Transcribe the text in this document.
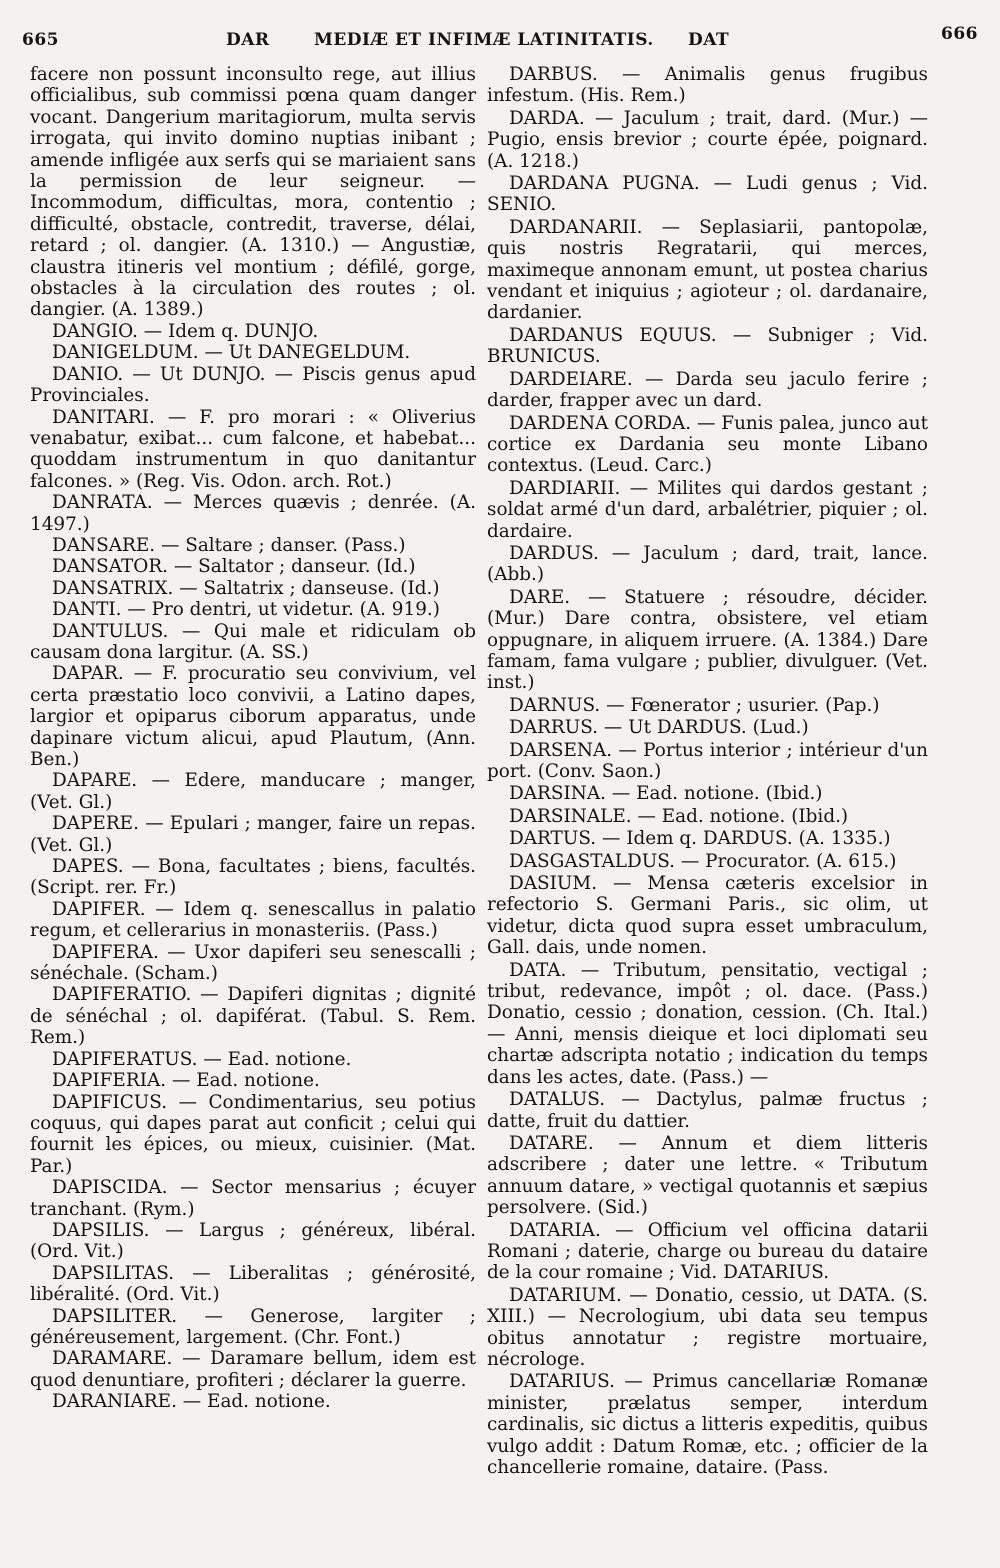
665	DAR	MEDIÆ ET INFIMÆ LATINITATIS. DAT	666

facere non possunt inconsulto rege, aut illius officialibus, sub commissi pœna quam danger vocant. Dangerium maritagiorum, multa servis irrogata, qui invito domino nuptias inibant ; amende infligée aux serfs qui se mariaient sans la permission de leur seigneur. — Incommodum, difficultas, mora, contentio ; difficulté, obstacle, contredit, traverse, délai, retard ; ol. dangier. (A. 1310.) — Angustiæ, claustra itineris vel montium ; défilé, gorge, obstacles à la circulation des routes ; ol. dangier. (A. 1389.)

DANGIO. — Idem q. DUNJO.

DANIGELDUM. — Ut DANEGELDUM.

DANIO. — Ut DUNJO. — Piscis genus apud Provinciales.

DANITARI. — F. pro morari : « Oliverius venabatur, exibat... cum falcone, et habebat... quoddam instrumentum in quo danitantur falcones. » (Reg. Vis. Odon. arch. Rot.)

DANRATA. — Merces quævis ; denrée. (A. 1497.)

DANSARE. — Saltare ; danser. (Pass.)

DANSATOR. — Saltator ; danseur. (Id.)

DANSATRIX. — Saltatrix ; danseuse. (Id.)

DANTI. — Pro dentri, ut videtur. (A. 919.)

DANTULUS. — Qui male et ridiculam ob causam dona largitur. (A. SS.)

DAPAR. — F. procuratio seu convivium, vel certa præstatio loco convivii, a Latino dapes, largior et opiparus ciborum apparatus, unde dapinare victum alicui, apud Plautum, (Ann. Ben.)

DAPARE. — Edere, manducare ; manger, (Vet. Gl.)

DAPERE. — Epulari ; manger, faire un repas. (Vet. Gl.)

DAPES. — Bona, facultates ; biens, facultés. (Script. rer. Fr.)

DAPIFER. — Idem q. senescallus in palatio regum, et cellerarius in monasteriis. (Pass.)

DAPIFERA. — Uxor dapiferi seu senescalli ; sénéchale. (Scham.)

DAPIFERATIO. — Dapiferi dignitas ; dignité de sénéchal ; ol. dapiférat. (Tabul. S. Rem. Rem.)

DAPIFERATUS. — Ead. notione.

DAPIFERIA. — Ead. notione.

DAPIFICUS. — Condimentarius, seu potius coquus, qui dapes parat aut conficit ; celui qui fournit les épices, ou mieux, cuisinier. (Mat. Par.)

DAPISCIDA. — Sector mensarius ; écuyer tranchant. (Rym.)

DAPSILIS. — Largus ; généreux, libéral. (Ord. Vit.)

DAPSILITAS. — Liberalitas ; générosité, libéralité. (Ord. Vit.)

DAPSILITER. — Generose, largiter ; généreusement, largement. (Chr. Font.)

DARAMARE. — Daramare bellum, idem est quod denuntiare, profiteri ; déclarer la guerre.

DARANIARE. — Ead. notione.

DARBUS. — Animalis genus frugibus infestum. (His. Rem.)

DARDA. — Jaculum ; trait, dard. (Mur.) — Pugio, ensis brevior ; courte épée, poignard. (A. 1218.)

DARDANA PUGNA. — Ludi genus ; Vid. SENIO.

DARDANARII. — Seplasiarii, pantopolæ, quis nostris Regratarii, qui merces, maximeque annonam emunt, ut postea charius vendant et iniquius ; agioteur ; ol. dardanaire, dardanier.

DARDANUS EQUUS. — Subniger ; Vid. BRUNICUS.

DARDEIARE. — Darda seu jaculo ferire ; darder, frapper avec un dard.

DARDENA CORDA. — Funis palea, junco aut cortice ex Dardania seu monte Libano contextus. (Leud. Carc.)

DARDIARII. — Milites qui dardos gestant ; soldat armé d'un dard, arbalétrier, piquier ; ol. dardaire.

DARDUS. — Jaculum ; dard, trait, lance. (Abb.)

DARE. — Statuere ; résoudre, décider. (Mur.) Dare contra, obsistere, vel etiam oppugnare, in aliquem irruere. (A. 1384.) Dare famam, fama vulgare ; publier, divulguer. (Vet. inst.)

DARNUS. — Fœnerator ; usurier. (Pap.)

DARRUS. — Ut DARDUS. (Lud.)

DARSENA. — Portus interior ; intérieur d'un port. (Conv. Saon.)

DARSINA. — Ead. notione. (Ibid.)

DARSINALE. — Ead. notione. (Ibid.)

DARTUS. — Idem q. DARDUS. (A. 1335.)

DASGASTALDUS. — Procurator. (A. 615.)

DASIUM. — Mensa cæteris excelsior in refectorio S. Germani Paris., sic olim, ut videtur, dicta quod supra esset umbraculum, Gall. dais, unde nomen.

DATA. — Tributum, pensitatio, vectigal ; tribut, redevance, impôt ; ol. dace. (Pass.) Donatio, cessio ; donation, cession. (Ch. Ital.) — Anni, mensis dieique et loci diplomati seu chartæ adscripta notatio ; indication du temps dans les actes, date. (Pass.) —

DATALUS. — Dactylus, palmæ fructus ; datte, fruit du dattier.

DATARE. — Annum et diem litteris adscribere ; dater une lettre. « Tributum annuum datare, » vectigal quotannis et sæpius persolvere. (Sid.)

DATARIA. — Officium vel officina datarii Romani ; daterie, charge ou bureau du dataire de la cour romaine ; Vid. DATARIUS.

DATARIUM. — Donatio, cessio, ut DATA. (S. XIII.) — Necrologium, ubi data seu tempus obitus annotatur ; registre mortuaire, nécrologe.

DATARIUS. — Primus cancellariæ Romanæ minister, prælatus semper, interdum cardinalis, sic dictus a litteris expeditis, quibus vulgo addit : Datum Romæ, etc. ; officier de la chancellerie romaine, dataire. (Pass.
